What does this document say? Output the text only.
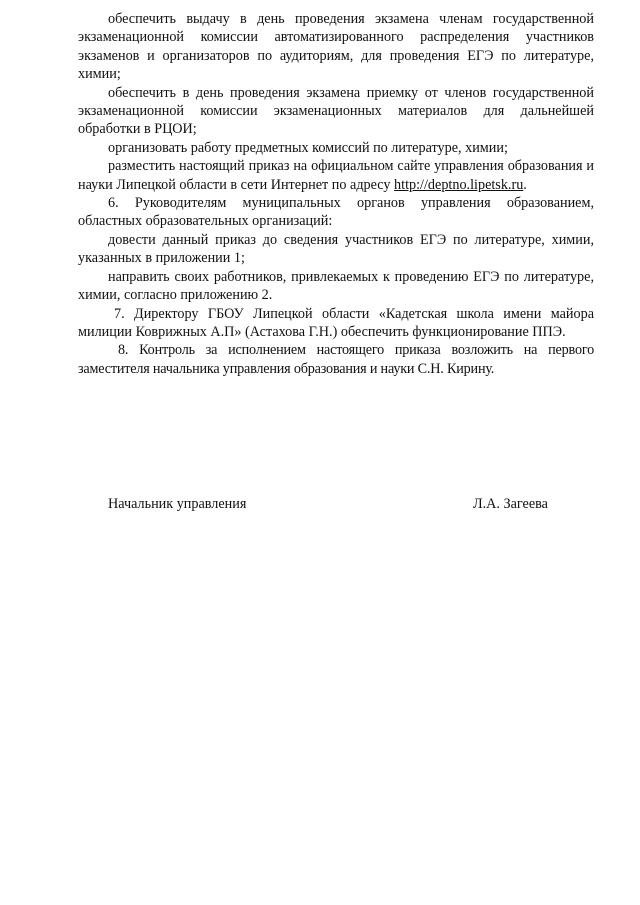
обеспечить выдачу в день проведения экзамена членам государственной экзаменационной комиссии автоматизированного распределения участников экзаменов и организаторов по аудиториям, для проведения ЕГЭ по литературе, химии;

обеспечить в день проведения экзамена приемку от членов государственной экзаменационной комиссии экзаменационных материалов для дальнейшей обработки в РЦОИ;

организовать работу предметных комиссий по литературе, химии;

разместить настоящий приказ на официальном сайте управления образования и науки Липецкой области в сети Интернет по адресу http://deptno.lipetsk.ru.

6. Руководителям муниципальных органов управления образованием, областных образовательных организаций:

довести данный приказ до сведения участников ЕГЭ по литературе, химии, указанных в приложении 1;

направить своих работников, привлекаемых к проведению ЕГЭ по литературе, химии, согласно приложению 2.

7. Директору ГБОУ Липецкой области «Кадетская школа имени майора милиции Коврижных А.П» (Астахова Г.Н.) обеспечить функционирование ППЭ.

8. Контроль за исполнением настоящего приказа возложить на первого заместителя начальника управления образования и науки С.Н. Кирину.

Начальник управления	Л.А. Загеева
